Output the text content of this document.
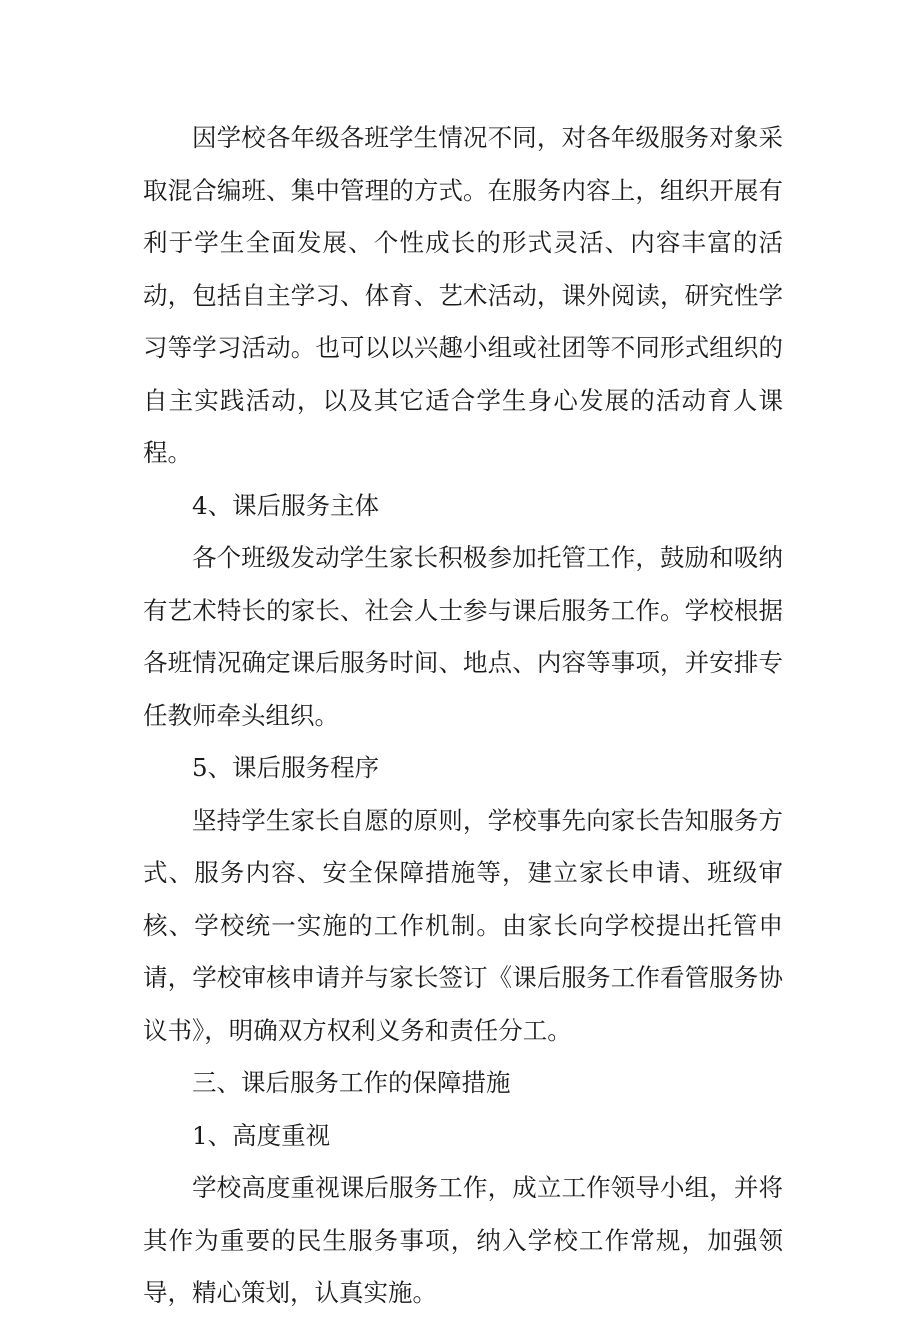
因学校各年级各班学生情况不同，对各年级服务对象采取混合编班、集中管理的方式。在服务内容上，组织开展有利于学生全面发展、个性成长的形式灵活、内容丰富的活动，包括自主学习、体育、艺术活动，课外阅读，研究性学习等学习活动。也可以以兴趣小组或社团等不同形式组织的自主实践活动，以及其它适合学生身心发展的活动育人课程。

4、课后服务主体

各个班级发动学生家长积极参加托管工作，鼓励和吸纳有艺术特长的家长、社会人士参与课后服务工作。学校根据各班情况确定课后服务时间、地点、内容等事项，并安排专任教师牵头组织。

5、课后服务程序

坚持学生家长自愿的原则，学校事先向家长告知服务方式、服务内容、安全保障措施等，建立家长申请、班级审核、学校统一实施的工作机制。由家长向学校提出托管申请，学校审核申请并与家长签订《课后服务工作看管服务协议书》，明确双方权利义务和责任分工。

三、课后服务工作的保障措施

1、高度重视

学校高度重视课后服务工作，成立工作领导小组，并将其作为重要的民生服务事项，纳入学校工作常规，加强领导，精心策划，认真实施。
